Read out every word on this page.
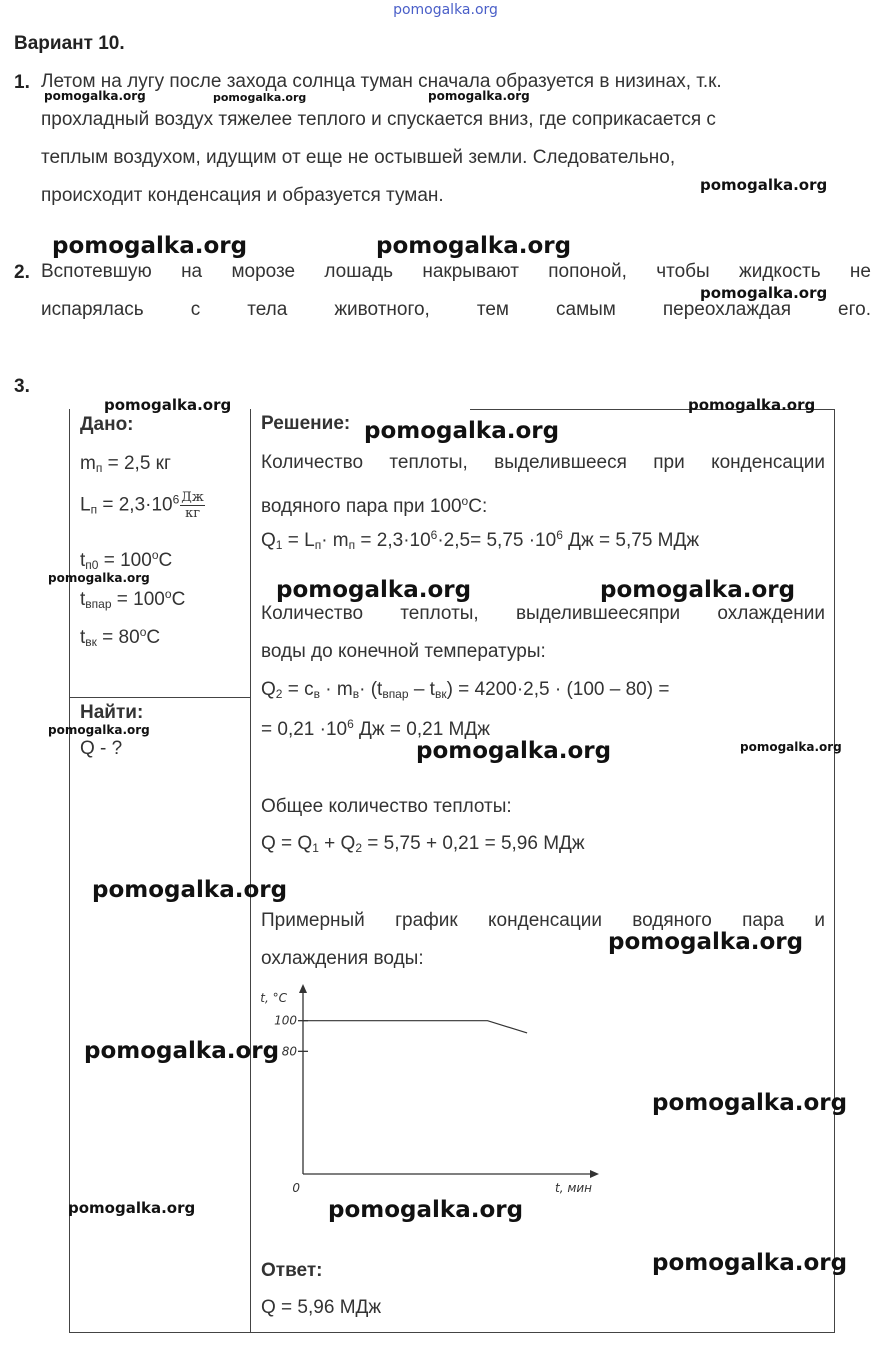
pomogalka.org
Вариант 10.
1. Летом на лугу после захода солнца туман сначала образуется в низинах, т.к.
прохладный воздух тяжелее теплого и спускается вниз, где соприкасается с
теплым воздухом, идущим от еще не остывшей земли. Следовательно,
происходит конденсация и образуется туман.
2. Вспотевшую на морозе лошадь накрывают попоной, чтобы жидкость не
испарялась с тела животного, тем самым переохлаждая его.
3.
Дано:
$m_п = 2,5$ кг
$L_п = 2,3\cdot 10^6 \frac{Дж}{кг}$
$t_{п0} = 100^oC$
$t_{впар} = 100^oC$
$t_{вк} = 80^oC$
Найти:
Q - ?
Решение:
Количество теплоты, выделившееся при конденсации
водяного пара при 100$^o$C:
$Q_1 = L_п\cdot m_п = 2,3\cdot 10^6\cdot 2,5= 5,75 \cdot 10^6$ Дж = 5,75 МДж
Количество теплоты, выделившеесяпри охлаждении
воды до конечной температуры:
$Q_2 = c_в \cdot m_в\cdot (t_{впар} - t_{вк}) = 4200\cdot 2,5 \cdot (100 - 80)$ =
= $0,21 \cdot 10^6$ Дж = 0,21 МДж
Общее количество теплоты:
$Q = Q_1 + Q_2 = 5,75 + 0,21 = 5,96$ МДж
Примерный график конденсации водяного пара и
охлаждения воды:
t, °C
t, мин
0
100
80
Ответ:
Q = 5,96 МДж
pomogalka.org	pomogalka.org	pomogalka.org
pomogalka.org
pomogalka.org	pomogalka.org
pomogalka.org
pomogalka.org	pomogalka.org
pomogalka.org
pomogalka.org	pomogalka.org	pomogalka.org
pomogalka.org
pomogalka.org
pomogalka.org
pomogalka.org
pomogalka.org
pomogalka.org
pomogalka.org
pomogalka.org	pomogalka.org
pomogalka.org
